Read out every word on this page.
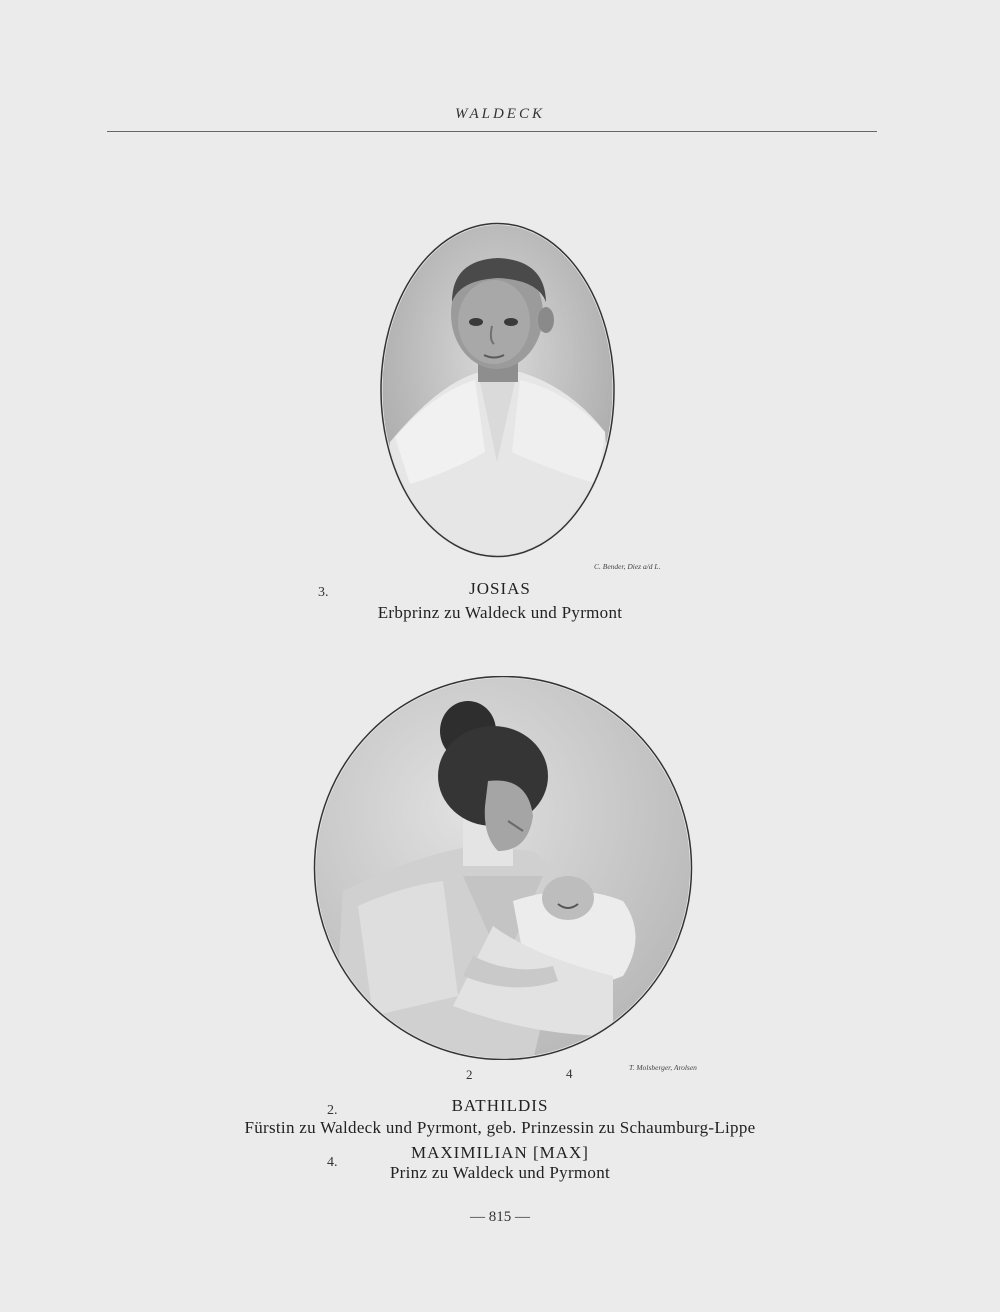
WALDECK
C. Bender, Diez a/d L.
3.	JOSIAS
Erbprinz zu Waldeck und Pyrmont
T. Molsberger, Arolsen
2	4
2.	BATHILDIS
Fürstin zu Waldeck und Pyrmont, geb. Prinzessin zu Schaumburg-Lippe
4.
MAXIMILIAN [MAX]
Prinz zu Waldeck und Pyrmont
— 815 —
